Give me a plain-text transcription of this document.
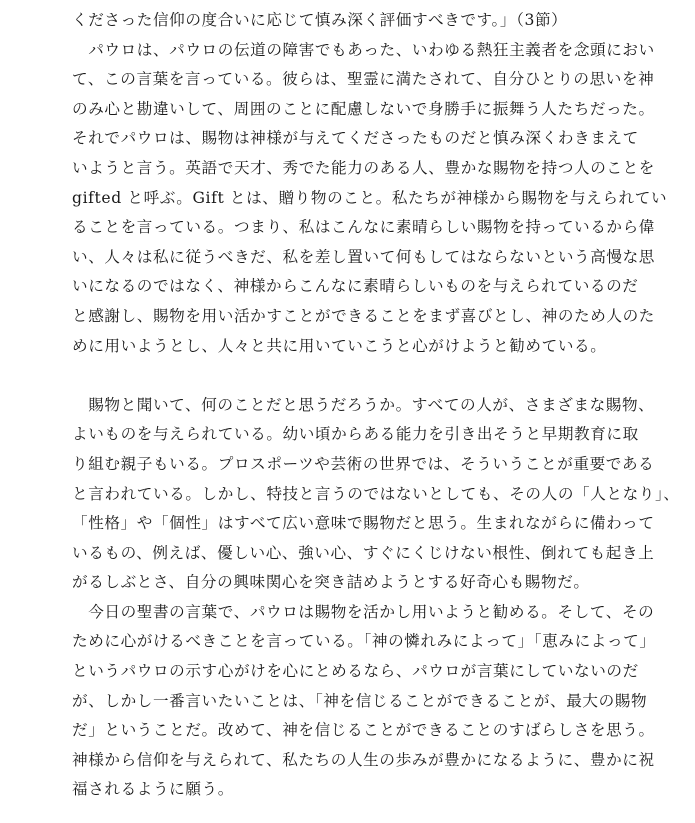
くださった信仰の度合いに応じて慎み深く評価すべきです。」（3節）
　パウロは、パウロの伝道の障害でもあった、いわゆる熱狂主義者を念頭におい
て、この言葉を言っている。彼らは、聖霊に満たされて、自分ひとりの思いを神
のみ心と勘違いして、周囲のことに配慮しないで身勝手に振舞う人たちだった。
それでパウロは、賜物は神様が与えてくださったものだと慎み深くわきまえて
いようと言う。英語で天才、秀でた能力のある人、豊かな賜物を持つ人のことを
gifted と呼ぶ。Gift とは、贈り物のこと。私たちが神様から賜物を与えられてい
ることを言っている。つまり、私はこんなに素晴らしい賜物を持っているから偉
い、人々は私に従うべきだ、私を差し置いて何もしてはならないという高慢な思
いになるのではなく、神様からこんなに素晴らしいものを与えられているのだ
と感謝し、賜物を用い活かすことができることをまず喜びとし、神のため人のた
めに用いようとし、人々と共に用いていこうと心がけようと勧めている。
　賜物と聞いて、何のことだと思うだろうか。すべての人が、さまざまな賜物、
よいものを与えられている。幼い頃からある能力を引き出そうと早期教育に取
り組む親子もいる。プロスポーツや芸術の世界では、そういうことが重要である
と言われている。しかし、特技と言うのではないとしても、その人の「人となり」、
「性格」や「個性」はすべて広い意味で賜物だと思う。生まれながらに備わって
いるもの、例えば、優しい心、強い心、すぐにくじけない根性、倒れても起き上
がるしぶとさ、自分の興味関心を突き詰めようとする好奇心も賜物だ。
　今日の聖書の言葉で、パウロは賜物を活かし用いようと勧める。そして、その
ために心がけるべきことを言っている。「神の憐れみによって」「恵みによって」
というパウロの示す心がけを心にとめるなら、パウロが言葉にしていないのだ
が、しかし一番言いたいことは、「神を信じることができることが、最大の賜物
だ」ということだ。改めて、神を信じることができることのすばらしさを思う。
神様から信仰を与えられて、私たちの人生の歩みが豊かになるように、豊かに祝
福されるように願う。
